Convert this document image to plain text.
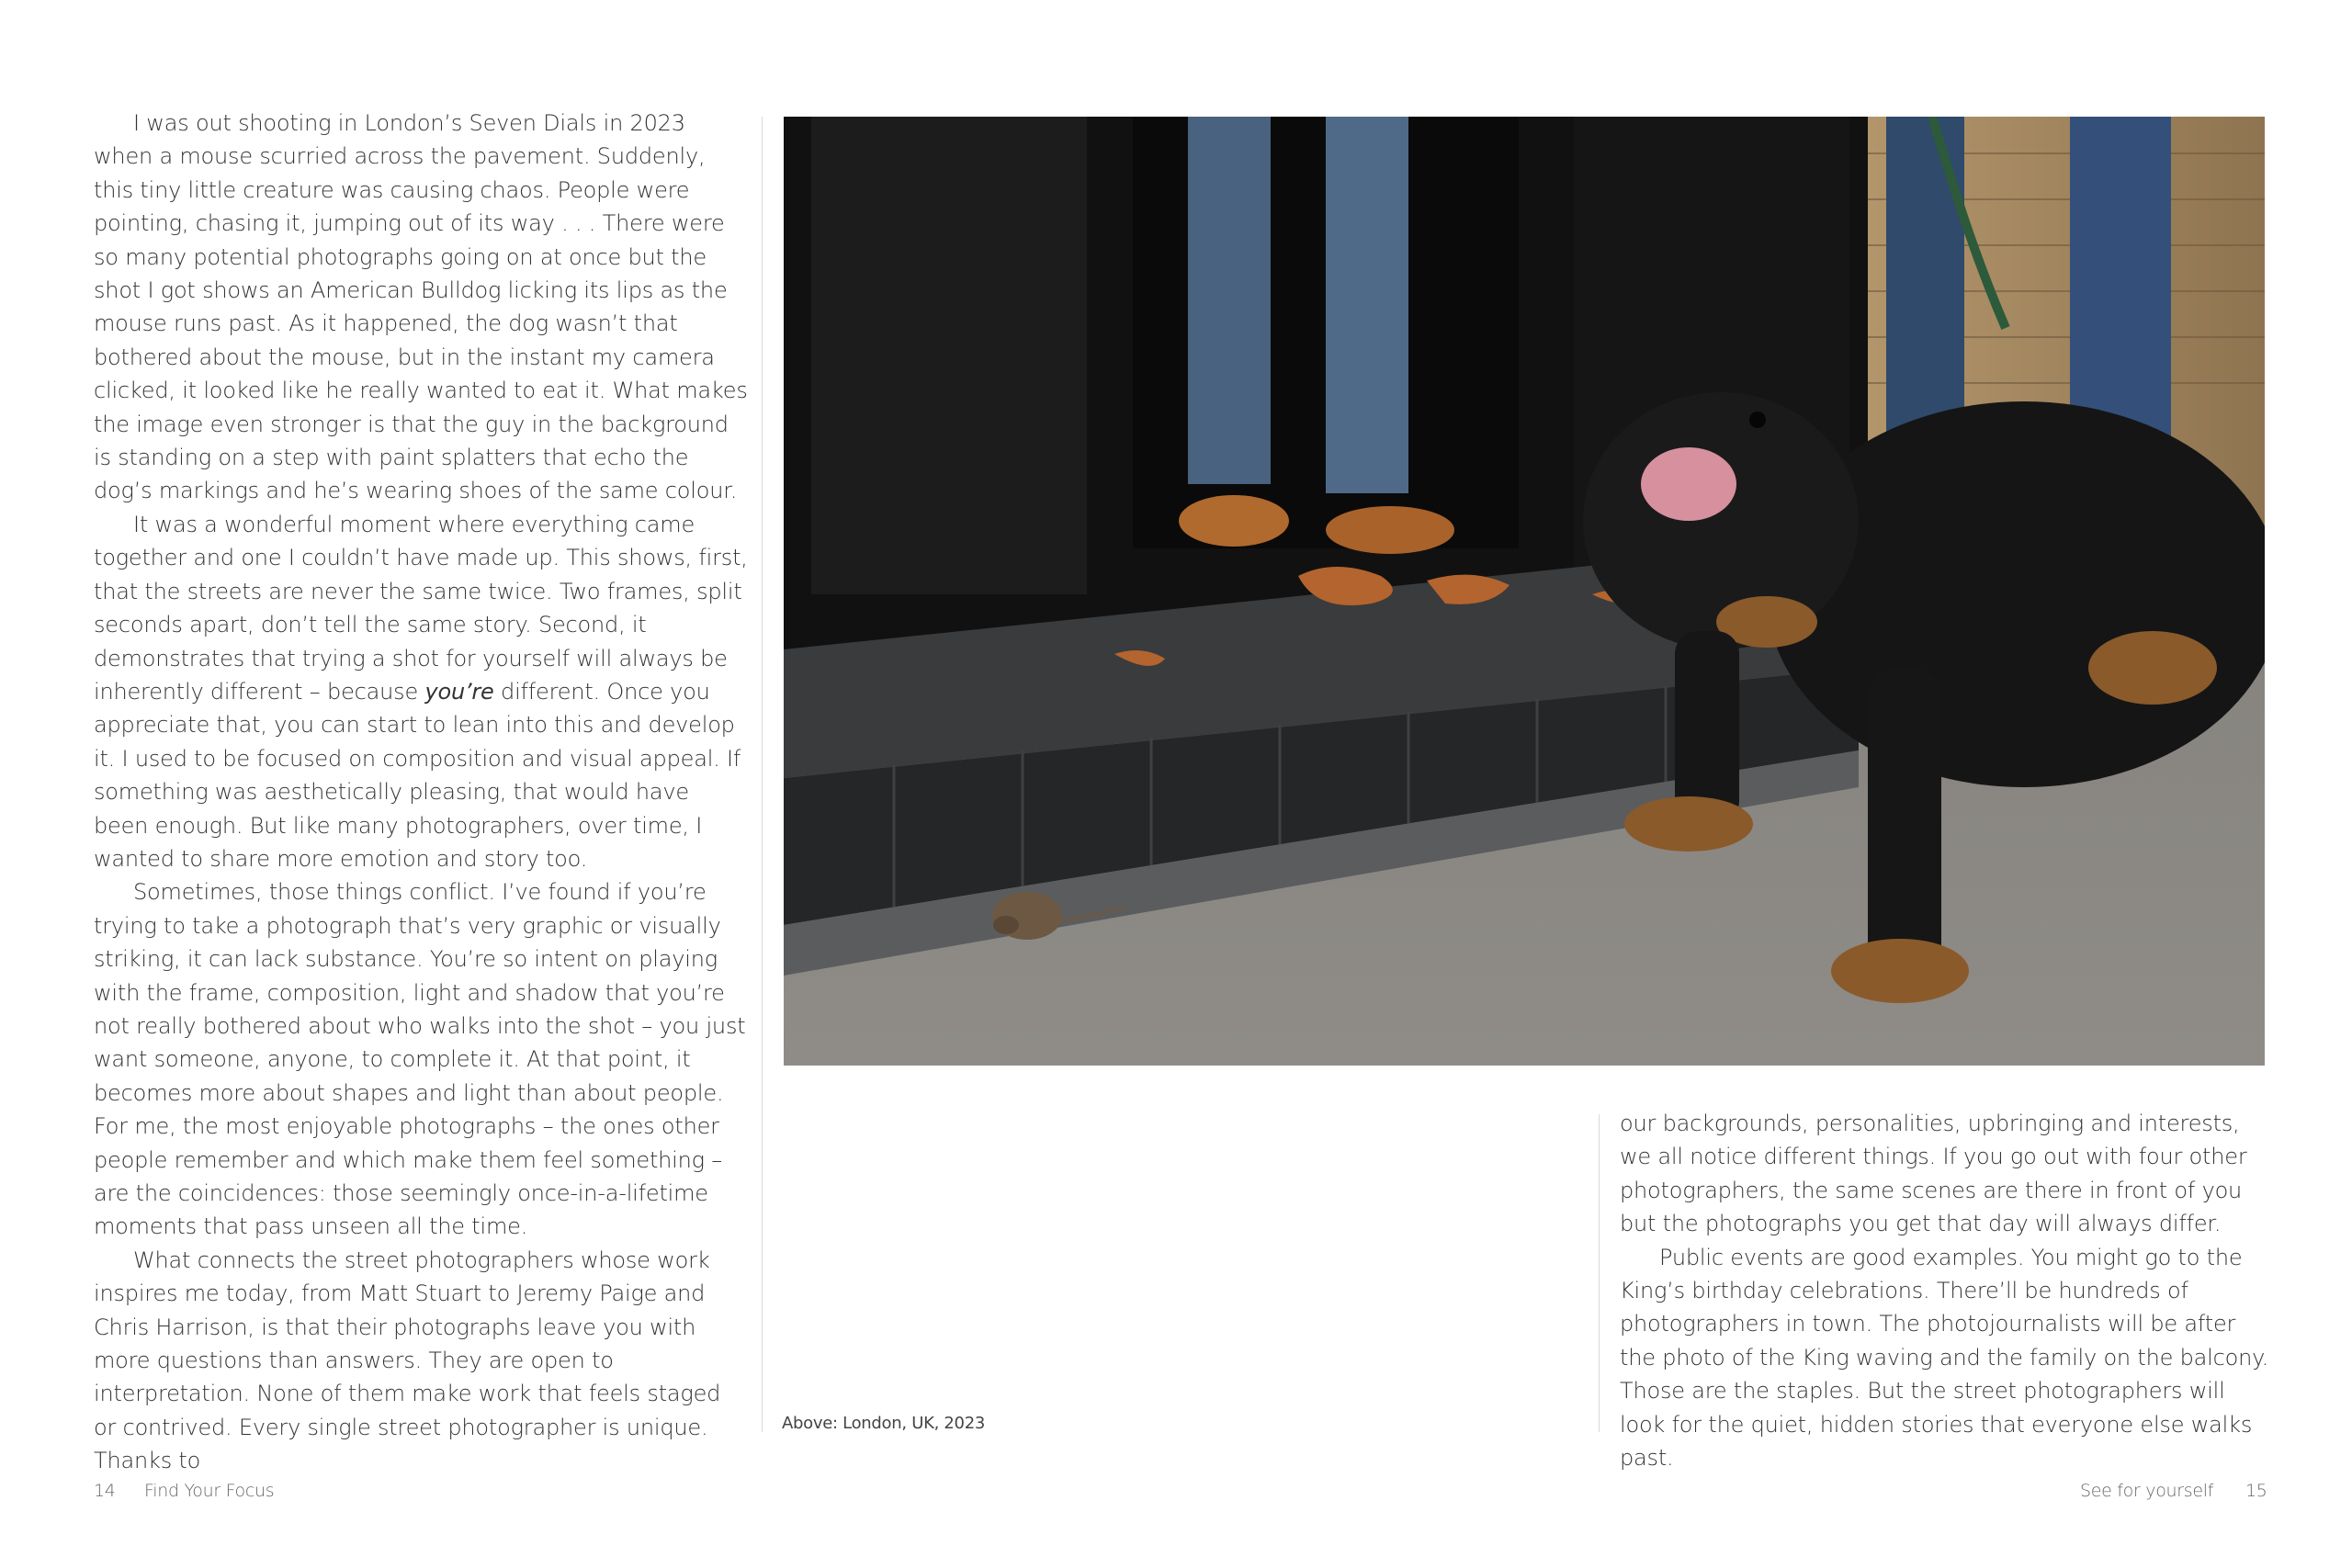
I was out shooting in London’s Seven Dials in 2023 when a mouse scurried across the pavement. Suddenly, this tiny little creature was causing chaos. People were pointing, chasing it, jumping out of its way . . . There were so many potential photographs going on at once but the shot I got shows an American Bulldog licking its lips as the mouse runs past. As it happened, the dog wasn’t that bothered about the mouse, but in the instant my camera clicked, it looked like he really wanted to eat it. What makes the image even stronger is that the guy in the background is standing on a step with paint splatters that echo the dog’s markings and he’s wearing shoes of the same colour.

It was a wonderful moment where everything came together and one I couldn’t have made up. This shows, first, that the streets are never the same twice. Two frames, split seconds apart, don’t tell the same story. Second, it demonstrates that trying a shot for yourself will always be inherently different – because you’re different. Once you appreciate that, you can start to lean into this and develop it. I used to be focused on composition and visual appeal. If something was aesthetically pleasing, that would have been enough. But like many photographers, over time, I wanted to share more emotion and story too.

Sometimes, those things conflict. I’ve found if you’re trying to take a photograph that’s very graphic or visually striking, it can lack substance. You’re so intent on playing with the frame, composition, light and shadow that you’re not really bothered about who walks into the shot – you just want someone, anyone, to complete it. At that point, it becomes more about shapes and light than about people. For me, the most enjoyable photographs – the ones other people remember and which make them feel something – are the coincidences: those seemingly once-in-a-lifetime moments that pass unseen all the time.

What connects the street photographers whose work inspires me today, from Matt Stuart to Jeremy Paige and Chris Harrison, is that their photographs leave you with more questions than answers. They are open to interpretation. None of them make work that feels staged or contrived. Every single street photographer is unique. Thanks to

Above: London, UK, 2023

our backgrounds, personalities, upbringing and interests, we all notice different things. If you go out with four other photographers, the same scenes are there in front of you but the photographs you get that day will always differ.

Public events are good examples. You might go to the King’s birthday celebrations. There’ll be hundreds of photographers in town. The photojournalists will be after the photo of the King waving and the family on the balcony. Those are the staples. But the street photographers will look for the quiet, hidden stories that everyone else walks past.

14 Find Your Focus	See for yourself 15
